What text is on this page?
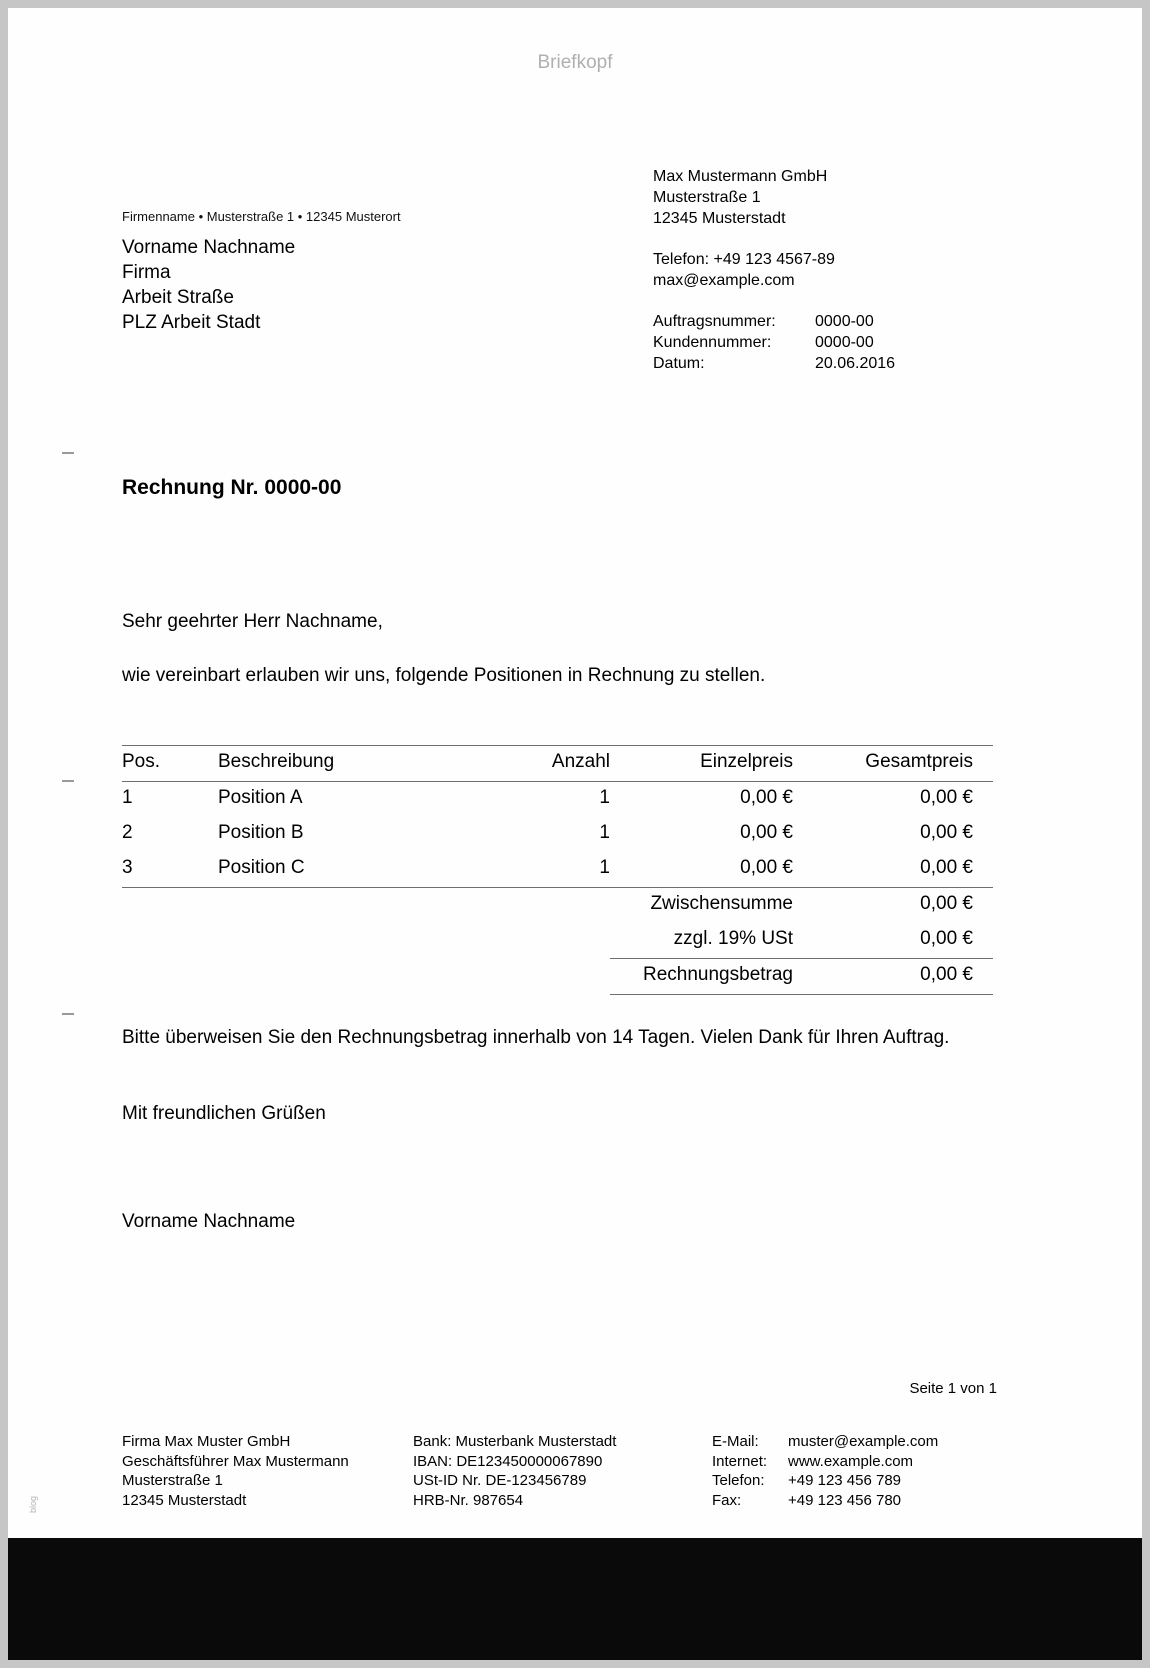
Briefkopf
Firmenname • Musterstraße 1 • 12345 Musterort
Vorname Nachname
Firma
Arbeit Straße
PLZ Arbeit Stadt
Max Mustermann GmbH
Musterstraße 1
12345 Musterstadt
Telefon: +49 123 4567-89
max@example.com
Auftragsnummer:	0000-00
Kundennummer:	0000-00
Datum:	20.06.2016
Rechnung Nr. 0000-00
Sehr geehrter Herr Nachname,
wie vereinbart erlauben wir uns, folgende Positionen in Rechnung zu stellen.
Pos.	Beschreibung	Anzahl	Einzelpreis	Gesamtpreis
1	Position A	1	0,00 €	0,00 €
2	Position B	1	0,00 €	0,00 €
3	Position C	1	0,00 €	0,00 €
			Zwischensumme	0,00 €
			zzgl. 19% USt	0,00 €
			Rechnungsbetrag	0,00 €
Bitte überweisen Sie den Rechnungsbetrag innerhalb von 14 Tagen. Vielen Dank für Ihren Auftrag.
Mit freundlichen Grüßen
Vorname Nachname
Seite 1 von 1
Firma Max Muster GmbH
Geschäftsführer Max Mustermann
Musterstraße 1
12345 Musterstadt
Bank: Musterbank Musterstadt
IBAN: DE123450000067890
USt-ID Nr. DE-123456789
HRB-Nr. 987654
E-Mail: muster@example.com
Internet: www.example.com
Telefon: +49 123 456 789
Fax:	+49 123 456 780
blog
